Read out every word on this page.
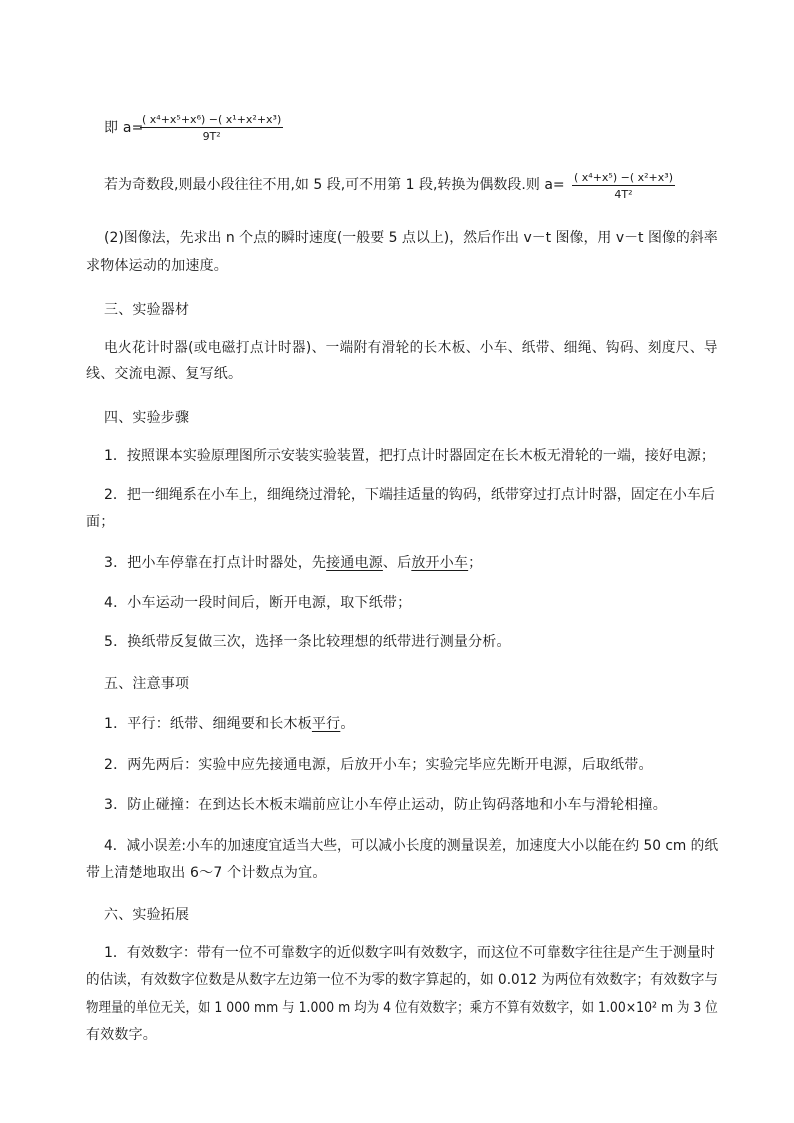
即 a=
( x⁴+x⁵+x⁶) −( x¹+x²+x³)
9T²
若为奇数段,则最小段往往不用,如 5 段,可不用第 1 段,转换为偶数段.则 a= ( x⁴+x⁵) −( x²+x³)
4T²
(2)图像法，先求出 n 个点的瞬时速度(一般要 5 点以上)，然后作出 v－t 图像，用 v－t 图像的斜率
求物体运动的加速度。
三、实验器材
电火花计时器(或电磁打点计时器)、一端附有滑轮的长木板、小车、纸带、细绳、钩码、刻度尺、导
线、交流电源、复写纸。
四、实验步骤
1．按照课本实验原理图所示安装实验装置，把打点计时器固定在长木板无滑轮的一端，接好电源；
2．把一细绳系在小车上，细绳绕过滑轮，下端挂适量的钩码，纸带穿过打点计时器，固定在小车后
面；
3．把小车停靠在打点计时器处，先接通电源、后放开小车；
4．小车运动一段时间后，断开电源，取下纸带；
5．换纸带反复做三次，选择一条比较理想的纸带进行测量分析。
五、注意事项
1．平行：纸带、细绳要和长木板平行。
2．两先两后：实验中应先接通电源，后放开小车；实验完毕应先断开电源，后取纸带。
3．防止碰撞：在到达长木板末端前应让小车停止运动，防止钩码落地和小车与滑轮相撞。
4．减小误差:小车的加速度宜适当大些，可以减小长度的测量误差，加速度大小以能在约 50 cm 的纸
带上清楚地取出 6～7 个计数点为宜。
六、实验拓展
1．有效数字：带有一位不可靠数字的近似数字叫有效数字，而这位不可靠数字往往是产生于测量时
的估读，有效数字位数是从数字左边第一位不为零的数字算起的，如 0.012 为两位有效数字；有效数字与
物理量的单位无关，如 1 000 mm 与 1.000 m 均为 4 位有效数字；乘方不算有效数字，如 1.00×10² m 为 3 位
有效数字。
